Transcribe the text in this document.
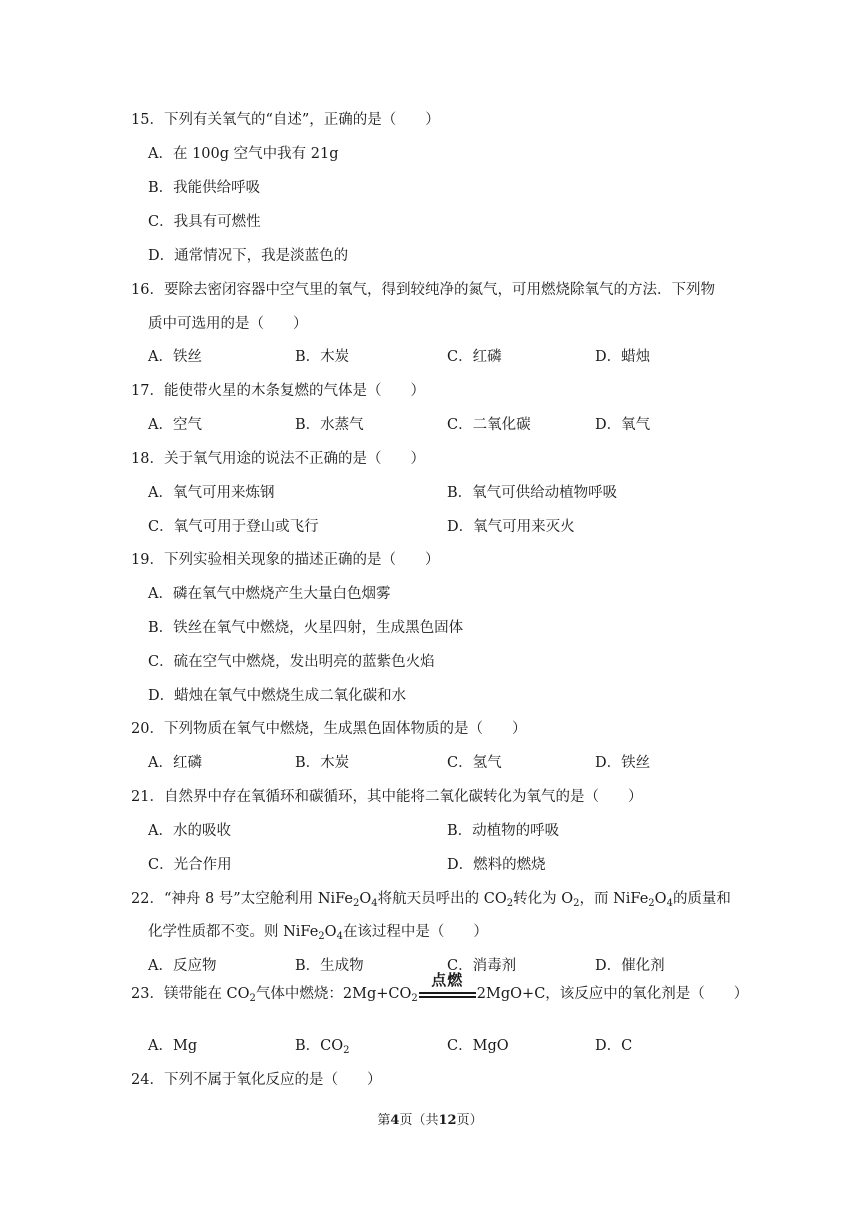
15．下列有关氧气的“自述”，正确的是（　　）
A．在 100g 空气中我有 21g
B．我能供给呼吸
C．我具有可燃性
D．通常情况下，我是淡蓝色的
16．要除去密闭容器中空气里的氧气，得到较纯净的氮气，可用燃烧除氧气的方法．下列物
质中可选用的是（　　）
A．铁丝	B．木炭	C．红磷	D．蜡烛
17．能使带火星的木条复燃的气体是（　　）
A．空气	B．水蒸气	C．二氧化碳	D．氧气
18．关于氧气用途的说法不正确的是（　　）
A．氧气可用来炼钢	B．氧气可供给动植物呼吸
C．氧气可用于登山或飞行	D．氧气可用来灭火
19．下列实验相关现象的描述正确的是（　　）
A．磷在氧气中燃烧产生大量白色烟雾
B．铁丝在氧气中燃烧，火星四射，生成黑色固体
C．硫在空气中燃烧，发出明亮的蓝紫色火焰
D．蜡烛在氧气中燃烧生成二氧化碳和水
20．下列物质在氧气中燃烧，生成黑色固体物质的是（　　）
A．红磷	B．木炭	C．氢气	D．铁丝
21．自然界中存在氧循环和碳循环，其中能将二氧化碳转化为氧气的是（　　）
A．水的吸收	B．动植物的呼吸
C．光合作用	D．燃料的燃烧
22．“神舟 8 号”太空舱利用 $NiFe_2O_4$将航天员呼出的 $CO_2$转化为 $O_2$，而 $NiFe_2O_4$的质量和
化学性质都不变。则 $NiFe_2O_4$在该过程中是（　　）
A．反应物	B．生成物	C．消毒剂	D．催化剂
23．镁带能在 $CO_2$气体中燃烧：$2Mg+CO_2$
点燃
2MgO+C，该反应中的氧化剂是（　　）
A．Mg	B．$CO_2$	C．MgO	D．C
24．下列不属于氧化反应的是（　　）
第4页（共12页）
